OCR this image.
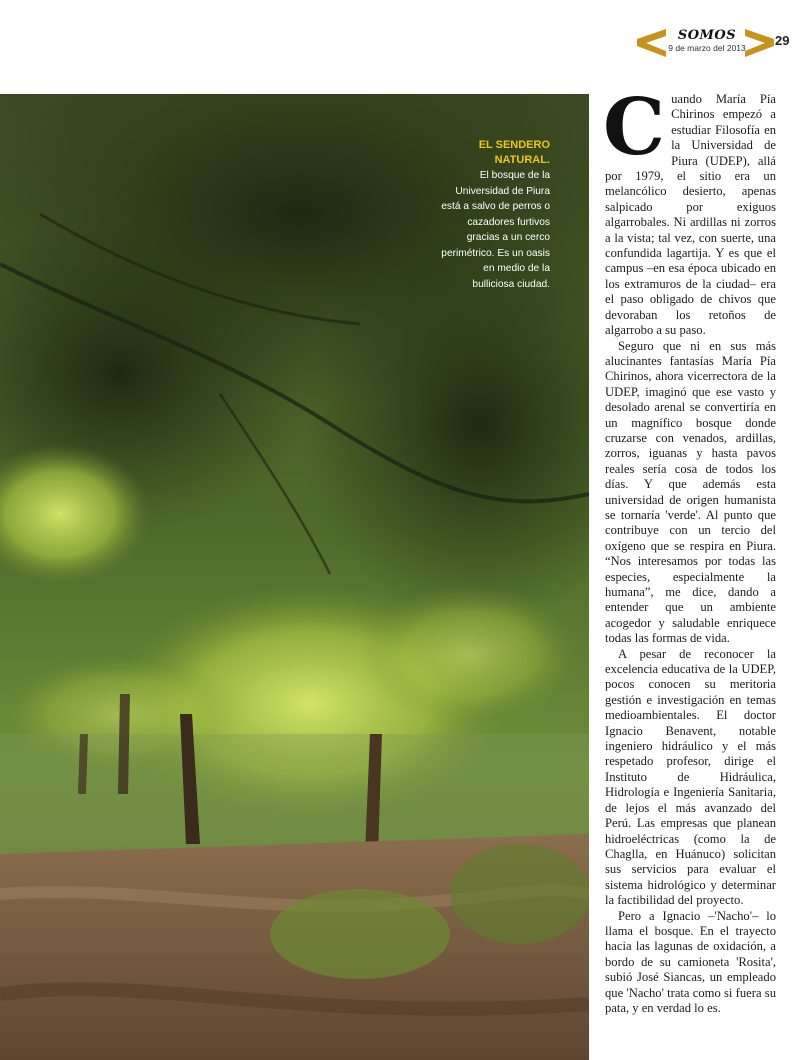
SOMOS
9 de marzo del 2013	29
EL SENDERO
NATURAL.
El bosque de la Universidad de Piura está a salvo de perros o cazadores furtivos gracias a un cerco perimétrico. Es un oasis en medio de la bulliciosa ciudad.

Cuando María Pía Chirinos empezó a estudiar Filosofía en la Universidad de Piura (UDEP), allá por 1979, el sitio era un melancólico desierto, apenas salpicado por exiguos algarrobales. Ni ardillas ni zorros a la vista; tal vez, con suerte, una confundida lagartija. Y es que el campus –en esa época ubicado en los extramuros de la ciudad– era el paso obligado de chivos que devoraban los retoños de algarrobo a su paso.

Seguro que ni en sus más alucinantes fantasías María Pía Chirinos, ahora vicerrectora de la UDEP, imaginó que ese vasto y desolado arenal se convertiría en un magnífico bosque donde cruzarse con venados, ardillas, zorros, iguanas y hasta pavos reales sería cosa de todos los días. Y que además esta universidad de origen humanista se tornaría 'verde'. Al punto que contribuye con un tercio del oxígeno que se respira en Piura. “Nos interesamos por todas las especies, especialmente la humana”, me dice, dando a entender que un ambiente acogedor y saludable enriquece todas las formas de vida.

A pesar de reconocer la excelencia educativa de la UDEP, pocos conocen su meritoria gestión e investigación en temas medioambientales. El doctor Ignacio Benavent, notable ingeniero hidráulico y el más respetado profesor, dirige el Instituto de Hidráulica, Hidrología e Ingeniería Sanitaria, de lejos el más avanzado del Perú. Las empresas que planean hidroeléctricas (como la de Chaglla, en Huánuco) solicitan sus servicios para evaluar el sistema hidrológico y determinar la factibilidad del proyecto.

Pero a Ignacio –'Nacho'– lo llama el bosque. En el trayecto hacia las lagunas de oxidación, a bordo de su camioneta 'Rosita', subió José Siancas, un empleado que 'Nacho' trata como si fuera su pata, y en verdad lo es.
